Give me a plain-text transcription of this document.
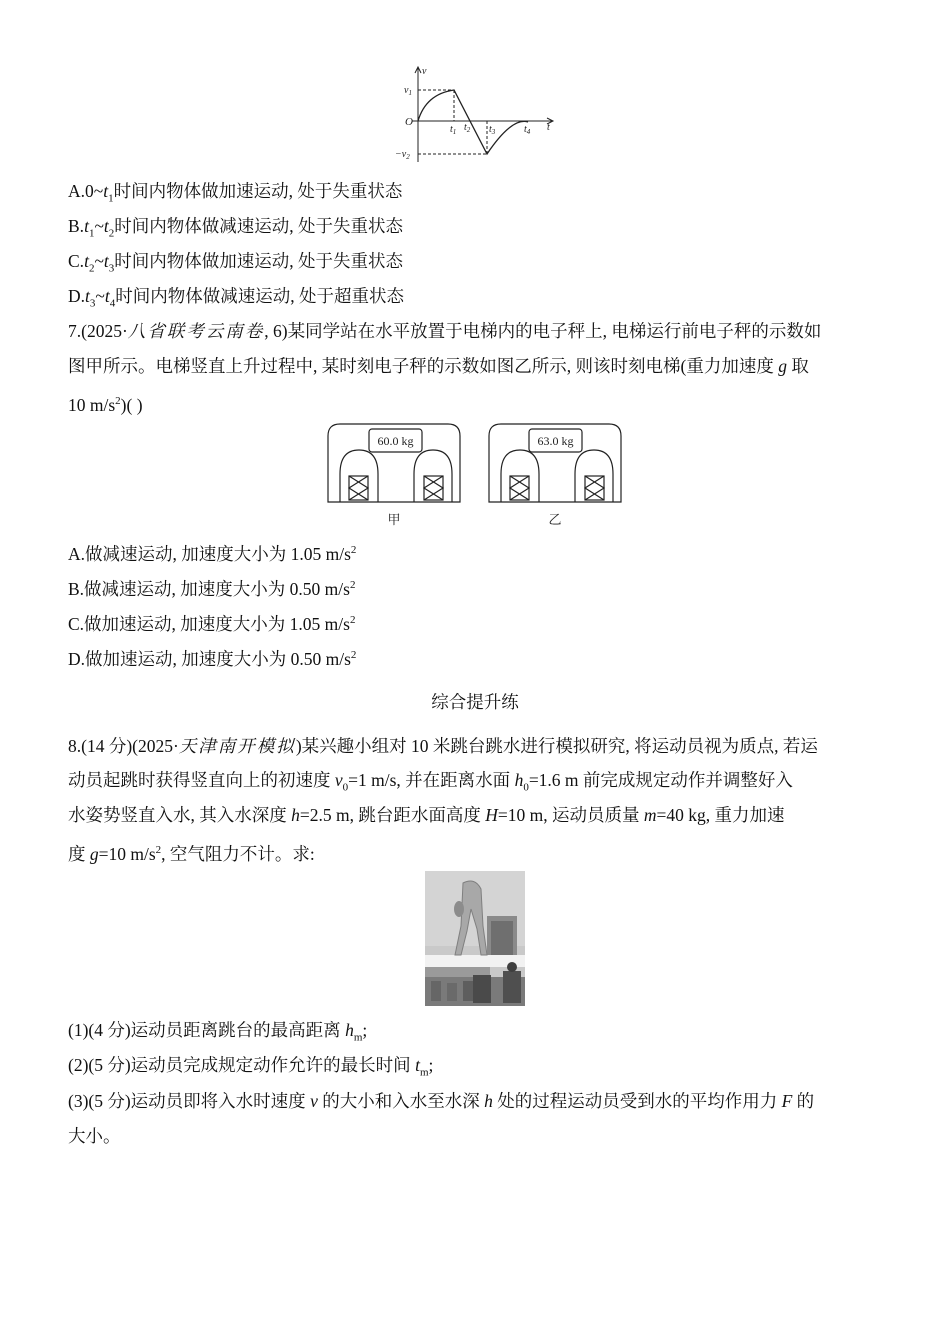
v
$v_1$
O
$-v_2$
t
$t_1$ $t_2$ $t_3$	$t_4$
$A.0\sim t_1$时间内物体做加速运动, 处于失重状态
$B.t_1\sim t_2$时间内物体做减速运动, 处于失重状态
$C.t_2\sim t_3$时间内物体做加速运动, 处于失重状态
$D.t_3\sim t_4$时间内物体做减速运动, 处于超重状态
7.(2025·八省联考云南卷, 6)某同学站在水平放置于电梯内的电子秤上, 电梯运行前电子秤的示数如
图甲所示。电梯竖直上升过程中, 某时刻电子秤的示数如图乙所示, 则该时刻电梯(重力加速度 g 取
10 $m/s^2$)( )
60.0 kg	63.0 kg
甲	乙
A.做减速运动, 加速度大小为 1.05 $m/s^2$
B.做减速运动, 加速度大小为 0.50 $m/s^2$
C.做加速运动, 加速度大小为 1.05 $m/s^2$
D.做加速运动, 加速度大小为 0.50 $m/s^2$
综合提升练
8.(14 分)(2025·天津南开模拟)某兴趣小组对 10 米跳台跳水进行模拟研究, 将运动员视为质点, 若运
动员起跳时获得竖直向上的初速度 $v_0=1$ m/s, 并在距离水面 $h_0=1.6$ m 前完成规定动作并调整好入
水姿势竖直入水, 其入水深度 h=2.5 m, 跳台距水面高度 H=10 m, 运动员质量 m=40 kg, 重力加速
度 g=10 $m/s^2$, 空气阻力不计。求:
(1)(4 分)运动员距离跳台的最高距离 $h_m$;
(2)(5 分)运动员完成规定动作允许的最长时间 $t_m$;
(3)(5 分)运动员即将入水时速度 v 的大小和入水至水深 h 处的过程运动员受到水的平均作用力 F 的
大小。
